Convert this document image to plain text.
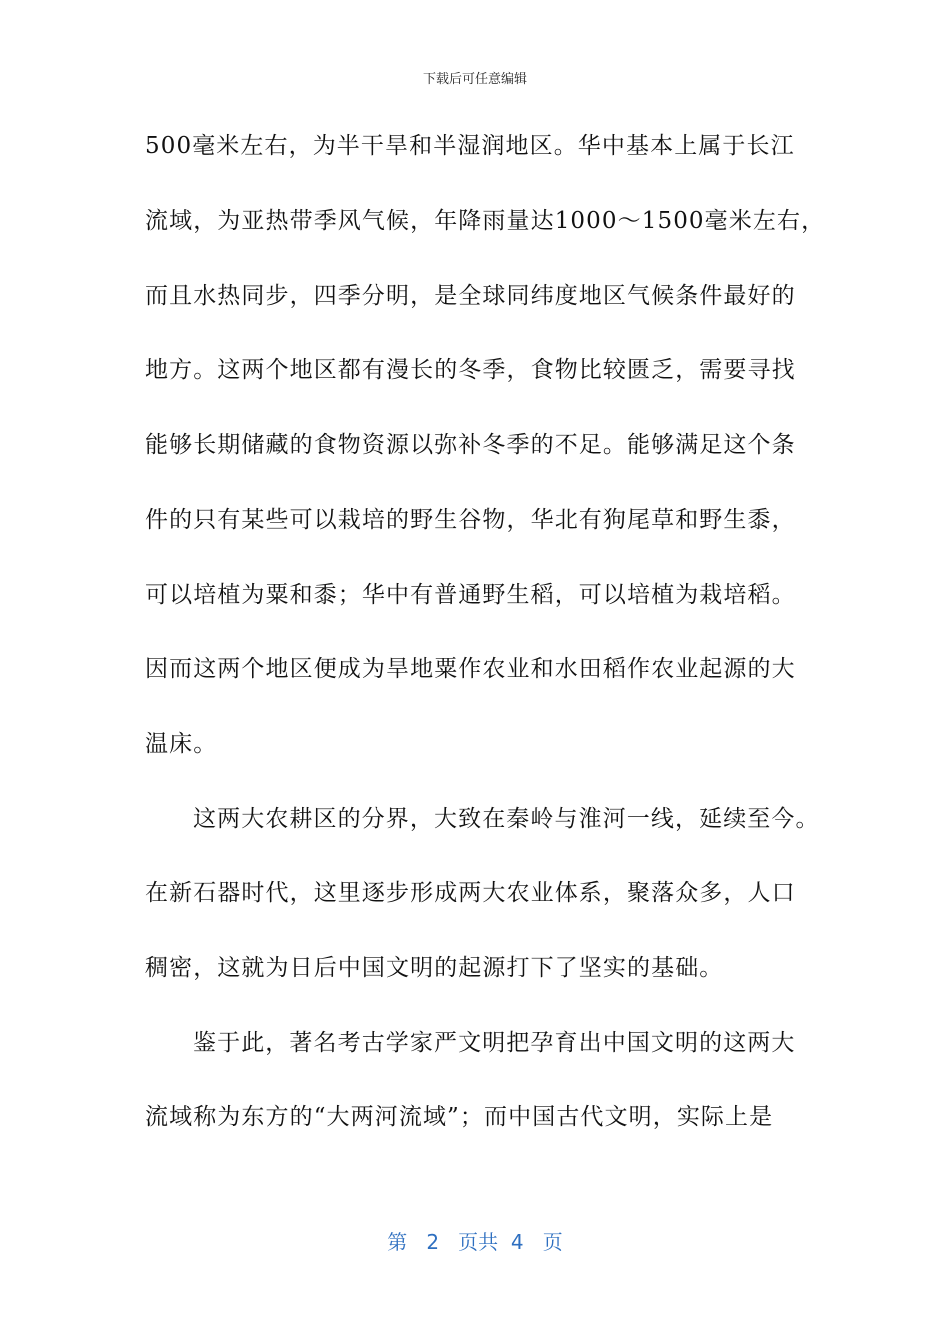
下载后可任意编辑
500毫米左右，为半干旱和半湿润地区。华中基本上属于长江
流域，为亚热带季风气候，年降雨量达1000～1500毫米左右，
而且水热同步，四季分明，是全球同纬度地区气候条件最好的
地方。这两个地区都有漫长的冬季，食物比较匮乏，需要寻找
能够长期储藏的食物资源以弥补冬季的不足。能够满足这个条
件的只有某些可以栽培的野生谷物，华北有狗尾草和野生黍，
可以培植为粟和黍；华中有普通野生稻，可以培植为栽培稻。
因而这两个地区便成为旱地粟作农业和水田稻作农业起源的大
温床。
这两大农耕区的分界，大致在秦岭与淮河一线，延续至今。
在新石器时代，这里逐步形成两大农业体系，聚落众多，人口
稠密，这就为日后中国文明的起源打下了坚实的基础。
鉴于此，著名考古学家严文明把孕育出中国文明的这两大
流域称为东方的“大两河流域”；而中国古代文明，实际上是
第 2 页共 4 页
